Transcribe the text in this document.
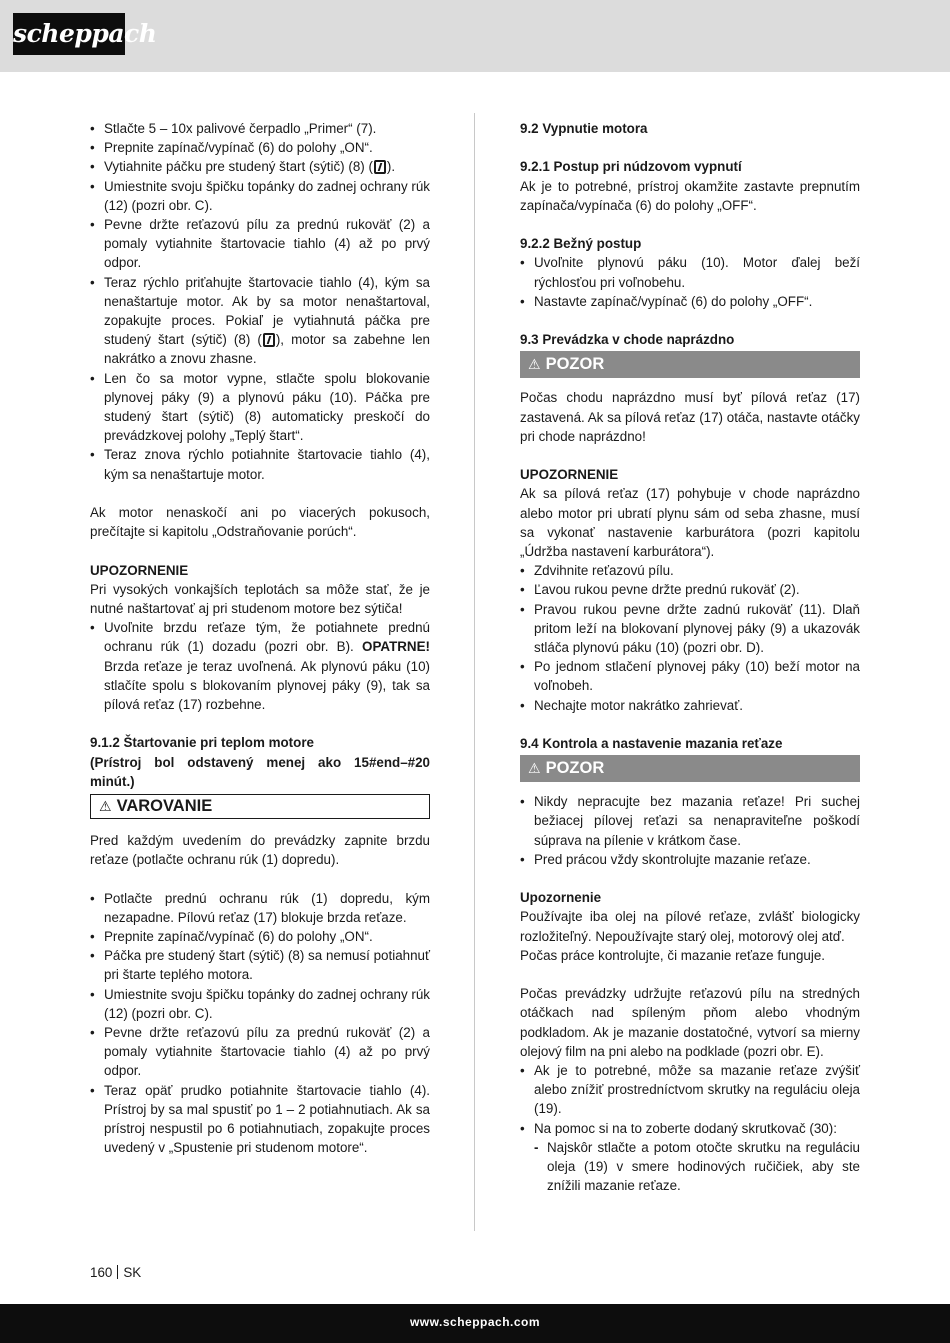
scheppach
• Stlačte 5 – 10x palivové čerpadlo „Primer“ (7).
• Prepnite zapínač/vypínač (6) do polohy „ON“.
• Vytiahnite páčku pre studený štart (sýtič) (8) ( ).
• Umiestnite svoju špičku topánky do zadnej ochrany rúk (12) (pozri obr. C).
• Pevne držte reťazovú pílu za prednú rukoväť (2) a pomaly vytiahnite štartovacie tiahlo (4) až po prvý odpor.
• Teraz rýchlo priťahujte štartovacie tiahlo (4), kým sa nenaštartuje motor. Ak by sa motor nenaštartoval, zopakujte proces. Pokiaľ je vytiahnutá páčka pre studený štart (sýtič) (8) ( ), motor sa zabehne len nakrátko a znovu zhasne.
• Len čo sa motor vypne, stlačte spolu blokovanie plynovej páky (9) a plynovú páku (10). Páčka pre studený štart (sýtič) (8) automaticky preskočí do prevádzkovej polohy „Teplý štart“.
• Teraz znova rýchlo potiahnite štartovacie tiahlo (4), kým sa nenaštartuje motor.

Ak motor nenaskočí ani po viacerých pokusoch, prečítajte si kapitolu „Odstraňovanie porúch“.

UPOZORNENIE

Pri vysokých vonkajších teplotách sa môže stať, že je nutné naštartovať aj pri studenom motore bez sýtiča!

• Uvoľnite brzdu reťaze tým, že potiahnete prednú ochranu rúk (1) dozadu (pozri obr. B). OPATRNE! Brzda reťaze je teraz uvoľnená. Ak plynovú páku (10) stlačíte spolu s blokovaním plynovej páky (9), tak sa pílová reťaz (17) rozbehne.

9.1.2 Štartovanie pri teplom motore

(Prístroj bol odstavený menej ako 15#end–#20 minút.)

⚠ VAROVANIE

Pred každým uvedením do prevádzky zapnite brzdu reťaze (potlačte ochranu rúk (1) dopredu).

• Potlačte prednú ochranu rúk (1) dopredu, kým nezapadne. Pílovú reťaz (17) blokuje brzda reťaze.
• Prepnite zapínač/vypínač (6) do polohy „ON“.
• Páčka pre studený štart (sýtič) (8) sa nemusí potiahnuť pri štarte teplého motora.
• Umiestnite svoju špičku topánky do zadnej ochrany rúk (12) (pozri obr. C).
• Pevne držte reťazovú pílu za prednú rukoväť (2) a pomaly vytiahnite štartovacie tiahlo (4) až po prvý odpor.
• Teraz opäť prudko potiahnite štartovacie tiahlo (4). Prístroj by sa mal spustiť po 1 – 2 potiahnutiach. Ak sa prístroj nespustil po 6 potiahnutiach, zopakujte proces uvedený v „Spustenie pri studenom motore“.

9.2 Vypnutie motora

9.2.1 Postup pri núdzovom vypnutí

Ak je to potrebné, prístroj okamžite zastavte prepnutím zapínača/vypínača (6) do polohy „OFF“.

9.2.2 Bežný postup

• Uvoľnite plynovú páku (10). Motor ďalej beží rýchlosťou pri voľnobehu.
• Nastavte zapínač/vypínač (6) do polohy „OFF“.

9.3 Prevádzka v chode naprázdno

⚠ POZOR

Počas chodu naprázdno musí byť pílová reťaz (17) zastavená. Ak sa pílová reťaz (17) otáča, nastavte otáčky pri chode naprázdno!

UPOZORNENIE

Ak sa pílová reťaz (17) pohybuje v chode naprázdno alebo motor pri ubratí plynu sám od seba zhasne, musí sa vykonať nastavenie karburátora (pozri kapitolu „Údržba nastavení karburátora“).

• Zdvihnite reťazovú pílu.
• Ľavou rukou pevne držte prednú rukoväť (2).
• Pravou rukou pevne držte zadnú rukoväť (11). Dlaň pritom leží na blokovaní plynovej páky (9) a ukazovák stláča plynovú páku (10) (pozri obr. D).
• Po jednom stlačení plynovej páky (10) beží motor na voľnobeh.
• Nechajte motor nakrátko zahrievať.

9.4 Kontrola a nastavenie mazania reťaze

⚠ POZOR
• Nikdy nepracujte bez mazania reťaze! Pri suchej bežiacej pílovej reťazi sa nenapraviteľne poškodí súprava na pílenie v krátkom čase.
• Pred prácou vždy skontrolujte mazanie reťaze.

Upozornenie

Používajte iba olej na pílové reťaze, zvlášť biologicky rozložiteľný. Nepoužívajte starý olej, motorový olej atď.

Počas práce kontrolujte, či mazanie reťaze funguje.

Počas prevádzky udržujte reťazovú pílu na stredných otáčkach nad spíleným pňom alebo vhodným podkladom. Ak je mazanie dostatočné, vytvorí sa mierny olejový film na pni alebo na podklade (pozri obr. E).

• Ak je to potrebné, môže sa mazanie reťaze zvýšiť alebo znížiť prostredníctvom skrutky na reguláciu oleja (19).
• Na pomoc si na to zoberte dodaný skrutkovač (30):
- Najskôr stlačte a potom otočte skrutku na reguláciu oleja (19) v smere hodinových ručičiek, aby ste znížili mazanie reťaze.
160 SK
www.scheppach.com
